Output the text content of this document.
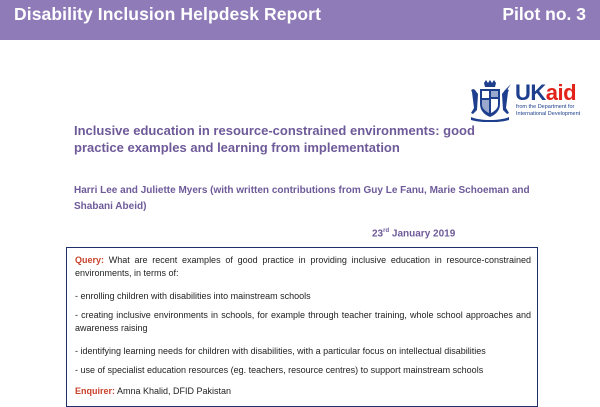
Disability Inclusion Helpdesk Report	Pilot no. 3
UKaid
from the Department for International Development
Inclusive education in resource-constrained environments: good practice examples and learning from implementation
Harri Lee and Juliette Myers (with written contributions from Guy Le Fanu, Marie Schoeman and Shabani Abeid)
23rd January 2019
Query: What are recent examples of good practice in providing inclusive education in resource-constrained environments, in terms of:
- enrolling children with disabilities into mainstream schools
- creating inclusive environments in schools, for example through teacher training, whole school approaches and awareness raising
- identifying learning needs for children with disabilities, with a particular focus on intellectual disabilities
- use of specialist education resources (eg. teachers, resource centres) to support mainstream schools
Enquirer: Amna Khalid, DFID Pakistan
